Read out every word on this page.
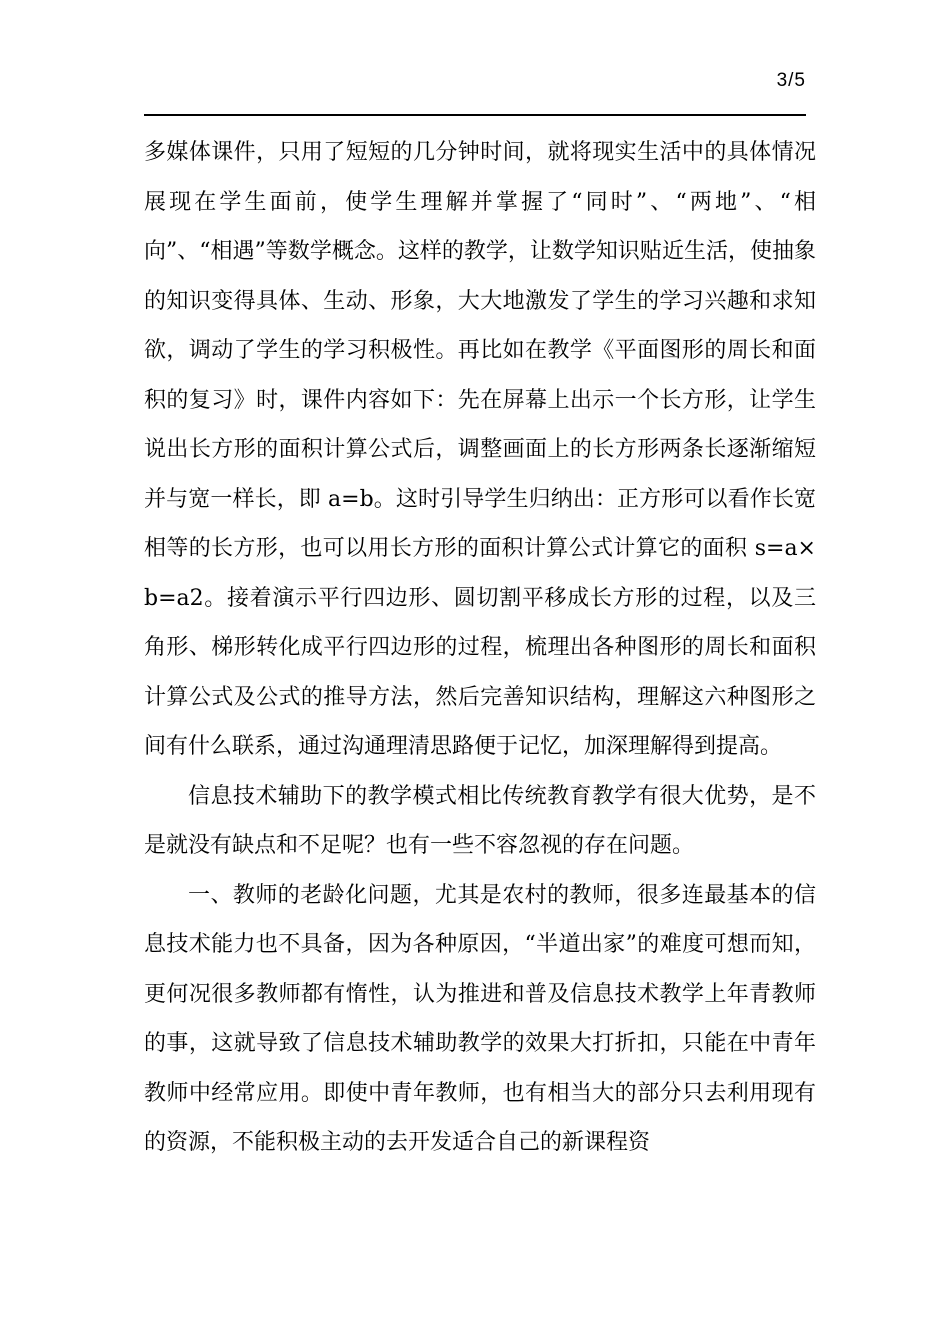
3/5

多媒体课件，只用了短短的几分钟时间，就将现实生活中的具体情况展现在学生面前，使学生理解并掌握了“同时”、“两地”、“相向”、“相遇”等数学概念。这样的教学，让数学知识贴近生活，使抽象的知识变得具体、生动、形象，大大地激发了学生的学习兴趣和求知欲，调动了学生的学习积极性。再比如在教学《平面图形的周长和面积的复习》时，课件内容如下：先在屏幕上出示一个长方形，让学生说出长方形的面积计算公式后，调整画面上的长方形两条长逐渐缩短并与宽一样长，即 a=b。这时引导学生归纳出：正方形可以看作长宽相等的长方形，也可以用长方形的面积计算公式计算它的面积 s=a×b=a2。接着演示平行四边形、圆切割平移成长方形的过程，以及三角形、梯形转化成平行四边形的过程，梳理出各种图形的周长和面积计算公式及公式的推导方法，然后完善知识结构，理解这六种图形之间有什么联系，通过沟通理清思路便于记忆，加深理解得到提高。

信息技术辅助下的教学模式相比传统教育教学有很大优势，是不是就没有缺点和不足呢？也有一些不容忽视的存在问题。

一、教师的老龄化问题，尤其是农村的教师，很多连最基本的信息技术能力也不具备，因为各种原因，“半道出家”的难度可想而知，更何况很多教师都有惰性，认为推进和普及信息技术教学上年青教师的事，这就导致了信息技术辅助教学的效果大打折扣，只能在中青年教师中经常应用。即使中青年教师，也有相当大的部分只去利用现有的资源，不能积极主动的去开发适合自己的新课程资
